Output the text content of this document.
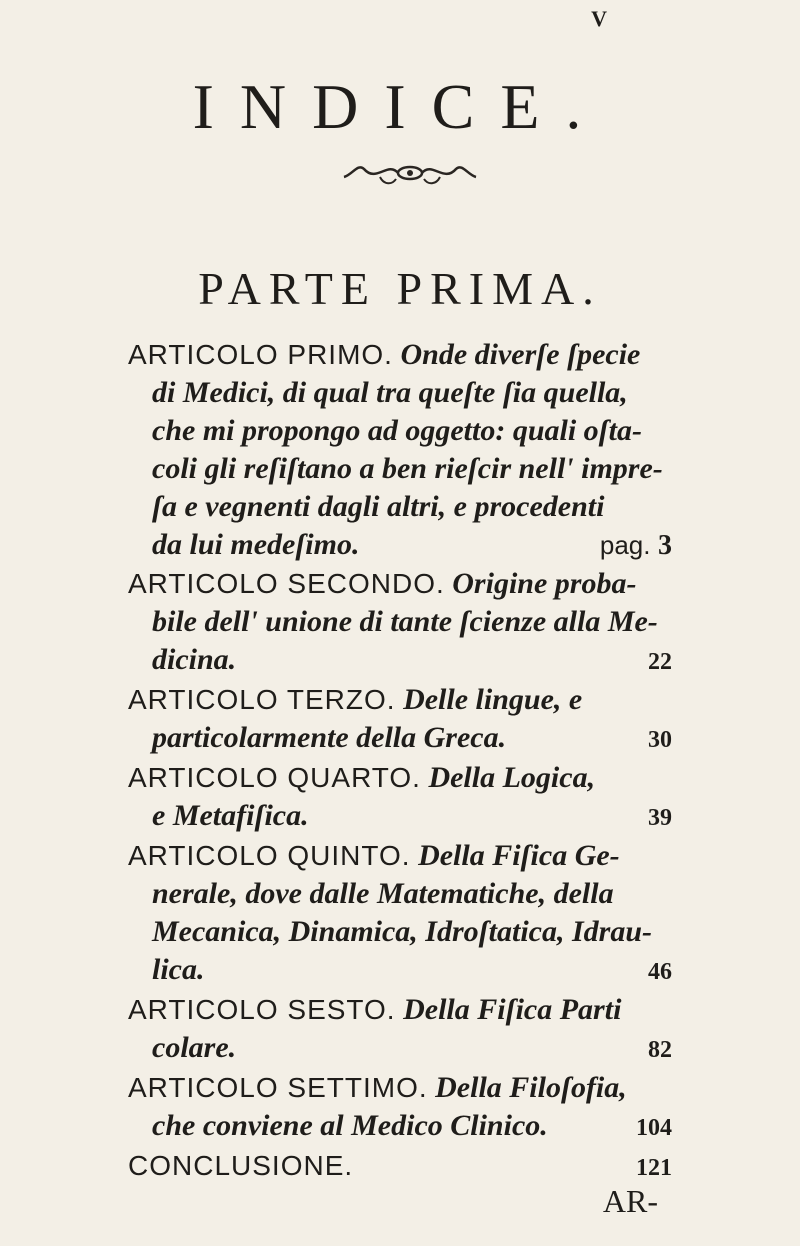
V
INDICE.
PARTE PRIMA.
ARTICOLO PRIMO. Onde diverſe ſpecie
di Medici, di qual tra queſte ſia quella,
che mi propongo ad oggetto: quali oſta-
coli gli reſiſtano a ben rieſcir nell' impre-
ſa e vegnenti dagli altri, e procedenti
da lui medeſimo.	pag. 3
ARTICOLO SECONDO. Origine proba-
bile dell' unione di tante ſcienze alla Me-
dicina.	22
ARTICOLO TERZO. Delle lingue, e
particolarmente della Greca.	30
ARTICOLO QUARTO. Della Logica,
e Metafiſica.	39
ARTICOLO QUINTO. Della Fiſica Ge-
nerale, dove dalle Matematiche, della
Mecanica, Dinamica, Idroſtatica, Idrau-
lica.	46
ARTICOLO SESTO. Della Fiſica Parti
colare.	82
ARTICOLO SETTIMO. Della Filoſofia,
che conviene al Medico Clinico.	104
CONCLUSIONE.	121
AR-
